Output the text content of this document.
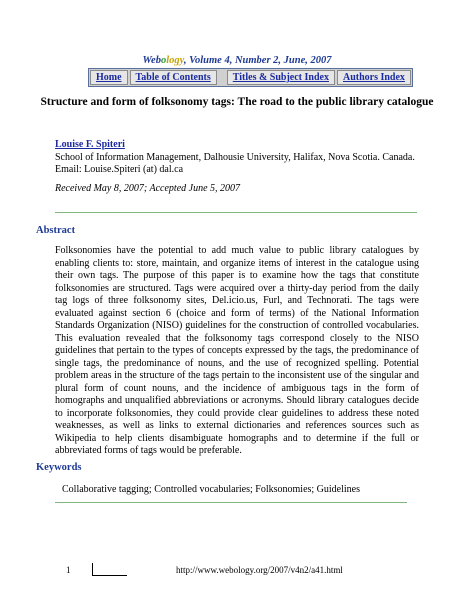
Webology, Volume 4, Number 2, June, 2007
Home	Table of Contents	Titles & Subject Index	Authors Index
Structure and form of folksonomy tags: The road to the public library catalogue
Louise F. Spiteri
School of Information Management, Dalhousie University, Halifax, Nova Scotia. Canada. Email: Louise.Spiteri (at) dal.ca
Received May 8, 2007; Accepted June 5, 2007
Abstract

Folksonomies have the potential to add much value to public library catalogues by enabling clients to: store, maintain, and organize items of interest in the catalogue using their own tags. The purpose of this paper is to examine how the tags that constitute folksonomies are structured. Tags were acquired over a thirty-day period from the daily tag logs of three folksonomy sites, Del.icio.us, Furl, and Technorati. The tags were evaluated against section 6 (choice and form of terms) of the National Information Standards Organization (NISO) guidelines for the construction of controlled vocabularies. This evaluation revealed that the folksonomy tags correspond closely to the NISO guidelines that pertain to the types of concepts expressed by the tags, the predominance of single tags, the predominance of nouns, and the use of recognized spelling. Potential problem areas in the structure of the tags pertain to the inconsistent use of the singular and plural form of count nouns, and the incidence of ambiguous tags in the form of homographs and unqualified abbreviations or acronyms. Should library catalogues decide to incorporate folksonomies, they could provide clear guidelines to address these noted weaknesses, as well as links to external dictionaries and references sources such as Wikipedia to help clients disambiguate homographs and to determine if the full or abbreviated forms of tags would be preferable.

Keywords
Collaborative tagging; Controlled vocabularies; Folksonomies; Guidelines
1	http://www.webology.org/2007/v4n2/a41.html
